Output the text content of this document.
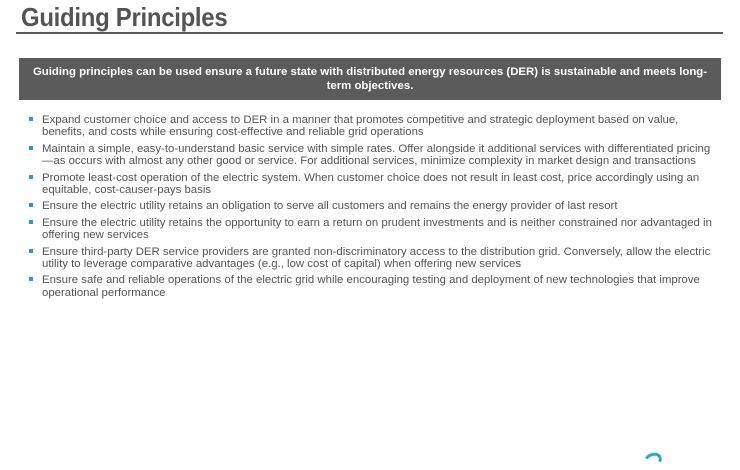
Guiding Principles
Guiding principles can be used ensure a future state with distributed energy resources (DER) is sustainable and meets long-term objectives.
Expand customer choice and access to DER in a manner that promotes competitive and strategic deployment based on value, benefits, and costs while ensuring cost-effective and reliable grid operations
Maintain a simple, easy-to-understand basic service with simple rates. Offer alongside it additional services with differentiated pricing—as occurs with almost any other good or service. For additional services, minimize complexity in market design and transactions
Promote least-cost operation of the electric system. When customer choice does not result in least cost, price accordingly using an equitable, cost-causer-pays basis
Ensure the electric utility retains an obligation to serve all customers and remains the energy provider of last resort
Ensure the electric utility retains the opportunity to earn a return on prudent investments and is neither constrained nor advantaged in offering new services
Ensure third-party DER service providers are granted non-discriminatory access to the distribution grid. Conversely, allow the electric utility to leverage comparative advantages (e.g., low cost of capital) when offering new services
Ensure safe and reliable operations of the electric grid while encouraging testing and deployment of new technologies that improve operational performance
